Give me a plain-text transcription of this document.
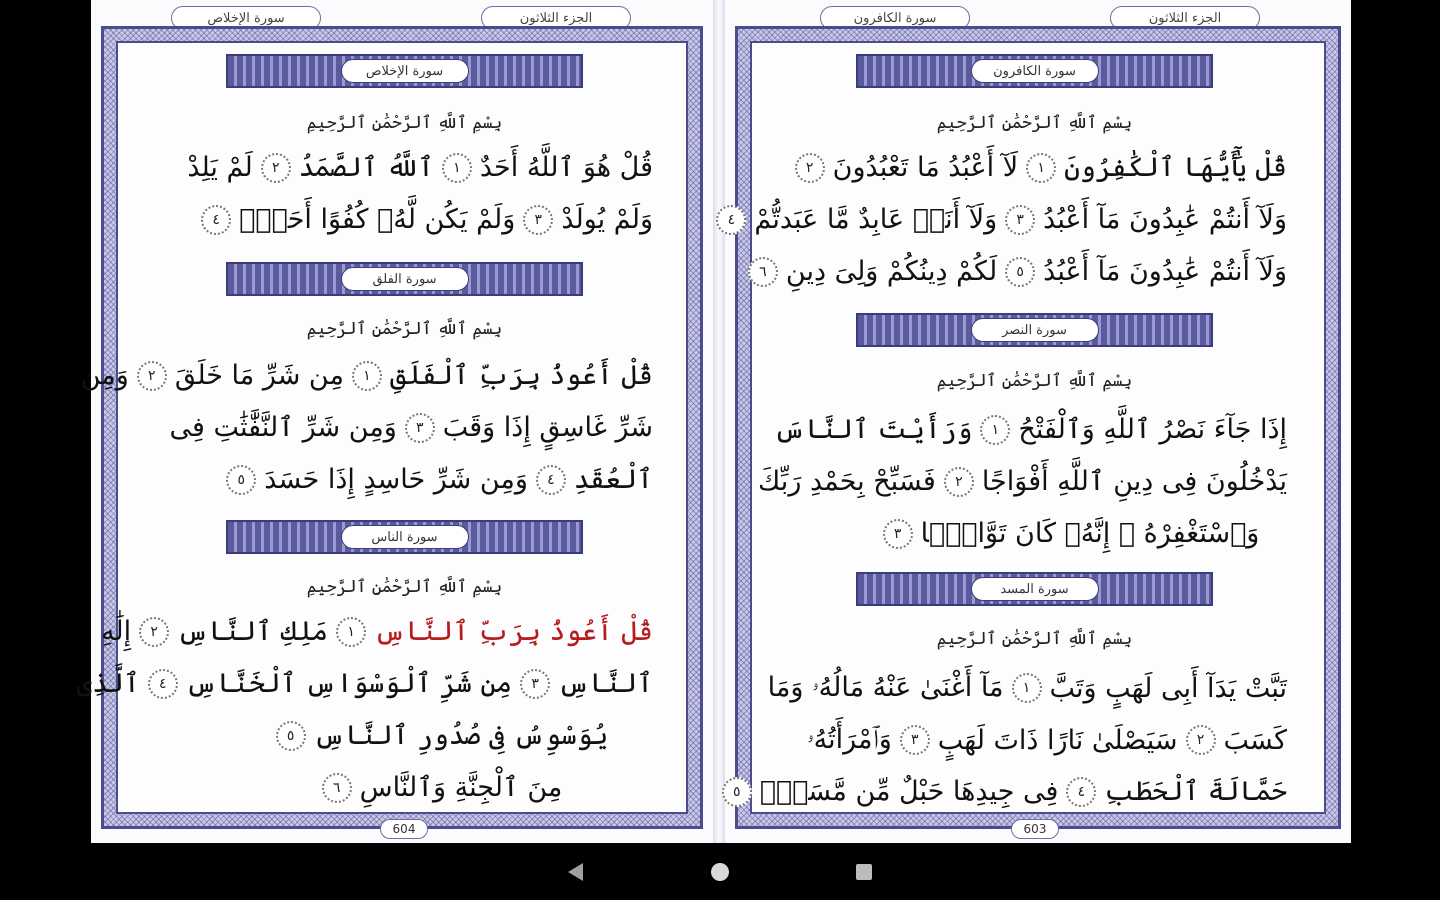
سورة الإخلاص	الجزء الثلاثون
سورة الإخلاص
بِسْمِ ٱللَّهِ ٱلرَّحْمَٰنِ ٱلرَّحِيمِ
قُلْ هُوَ ٱللَّهُ أَحَدٌ
١
ٱللَّهُ ٱلصَّمَدُ
٢
لَمْ يَلِدْ
وَلَمْ يُولَدْ
٣
وَلَمْ يَكُن لَّهُۥ كُفُوًا أَحَدٌۢ
٤
سورة الفلق
بِسْمِ ٱللَّهِ ٱلرَّحْمَٰنِ ٱلرَّحِيمِ
قُلْ أَعُوذُ بِرَبِّ ٱلْفَلَقِ
١
مِن شَرِّ مَا خَلَقَ
٢
وَمِن
شَرِّ غَاسِقٍ إِذَا وَقَبَ
٣
وَمِن شَرِّ ٱلنَّفَّٰثَٰتِ فِى
ٱلْعُقَدِ
٤
وَمِن شَرِّ حَاسِدٍ إِذَا حَسَدَ
٥
سورة الناس
بِسْمِ ٱللَّهِ ٱلرَّحْمَٰنِ ٱلرَّحِيمِ
قُلْ أَعُوذُ بِرَبِّ ٱلنَّاسِ
١
مَلِكِ ٱلنَّاسِ
٢
إِلَٰهِ
ٱلنَّاسِ
٣
مِن شَرِّ ٱلْوَسْوَاسِ ٱلْخَنَّاسِ
٤
ٱلَّذِى
يُوَسْوِسُ فِى صُدُورِ ٱلنَّاسِ
٥
مِنَ ٱلْجِنَّةِ وَٱلنَّاسِ
٦
604
سورة الكافرون	الجزء الثلاثون
سورة الكافرون
بِسْمِ ٱللَّهِ ٱلرَّحْمَٰنِ ٱلرَّحِيمِ
قُلْ يَٰٓأَيُّهَا ٱلْكَٰفِرُونَ
١
لَآ أَعْبُدُ مَا تَعْبُدُونَ
٢
وَلَآ أَنتُمْ عَٰبِدُونَ مَآ أَعْبُدُ
٣
وَلَآ أَنَا۠ عَابِدٌ مَّا عَبَدتُّمْ
٤
وَلَآ أَنتُمْ عَٰبِدُونَ مَآ أَعْبُدُ
٥
لَكُمْ دِينُكُمْ وَلِىَ دِينِ
٦
سورة النصر
بِسْمِ ٱللَّهِ ٱلرَّحْمَٰنِ ٱلرَّحِيمِ
إِذَا جَآءَ نَصْرُ ٱللَّهِ وَٱلْفَتْحُ
١
وَرَأَيْتَ ٱلنَّاسَ
يَدْخُلُونَ فِى دِينِ ٱللَّهِ أَفْوَاجًا
٢
فَسَبِّحْ بِحَمْدِ رَبِّكَ
وَٱسْتَغْفِرْهُ ۚ إِنَّهُۥ كَانَ تَوَّابًۢا
٣
سورة المسد
بِسْمِ ٱللَّهِ ٱلرَّحْمَٰنِ ٱلرَّحِيمِ
تَبَّتْ يَدَآ أَبِى لَهَبٍ وَتَبَّ
١
مَآ أَغْنَىٰ عَنْهُ مَالُهُۥ وَمَا
كَسَبَ
٢
سَيَصْلَىٰ نَارًا ذَاتَ لَهَبٍ
٣
وَٱمْرَأَتُهُۥ
حَمَّالَةَ ٱلْحَطَبِ
٤
فِى جِيدِهَا حَبْلٌ مِّن مَّسَدٍۭ
٥
603
